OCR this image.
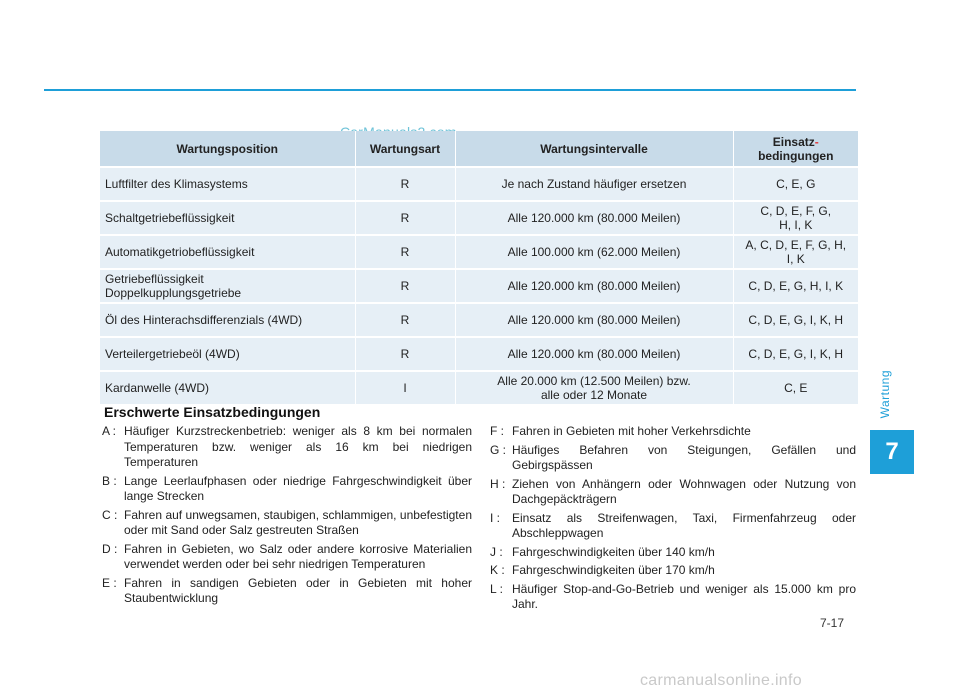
Wartungsposition	Wartungsart	Wartungsintervalle	Einsatz-
bedingungen
Luftfilter des Klimasystems	R	Je nach Zustand häufiger ersetzen	C, E, G
Schaltgetriebeflüssigkeit	R	Alle 120.000 km (80.000 Meilen)	C, D, E, F, G,
H, I, K
Automatikgetriobeflüssigkeit	R	Alle 100.000 km (62.000 Meilen)	A, C, D, E, F, G, H,
I, K
Getriebeflüssigkeit
Doppelkupplungsgetriebe	R	Alle 120.000 km (80.000 Meilen)	C, D, E, G, H, I, K
Öl des Hinterachsdifferenzials (4WD)	R	Alle 120.000 km (80.000 Meilen)	C, D, E, G, I, K, H
Verteilergetriebeöl (4WD)	R	Alle 120.000 km (80.000 Meilen)	C, D, E, G, I, K, H
Kardanwelle (4WD)	I	Alle 20.000 km (12.500 Meilen) bzw.
alle oder 12 Monate	C, E
Erschwerte Einsatzbedingungen
A : Häufiger Kurzstreckenbetrieb: weniger als 8 km bei normalen Temperaturen bzw. weniger als 16 km bei niedrigen Temperaturen
B : Lange Leerlaufphasen oder niedrige Fahrgeschwindigkeit über lange Strecken
C : Fahren auf unwegsamen, staubigen, schlammigen, unbefestigten oder mit Sand oder Salz gestreuten Straßen
D : Fahren in Gebieten, wo Salz oder andere korrosive Materialien verwendet werden oder bei sehr niedrigen Temperaturen
E : Fahren in sandigen Gebieten oder in Gebieten mit hoher Staubentwicklung
F : Fahren in Gebieten mit hoher Verkehrsdichte
G : Häufiges Befahren von Steigungen, Gefällen und Gebirgspässen
H : Ziehen von Anhängern oder Wohnwagen oder Nutzung von Dachgepäckträgern
I : Einsatz als Streifenwagen, Taxi, Firmenfahrzeug oder Abschleppwagen
J : Fahrgeschwindigkeiten über 140 km/h
K : Fahrgeschwindigkeiten über 170 km/h
L : Häufiger Stop-and-Go-Betrieb und weniger als 15.000 km pro Jahr.
Wartung
7
7-17
carmanualsonline.info
